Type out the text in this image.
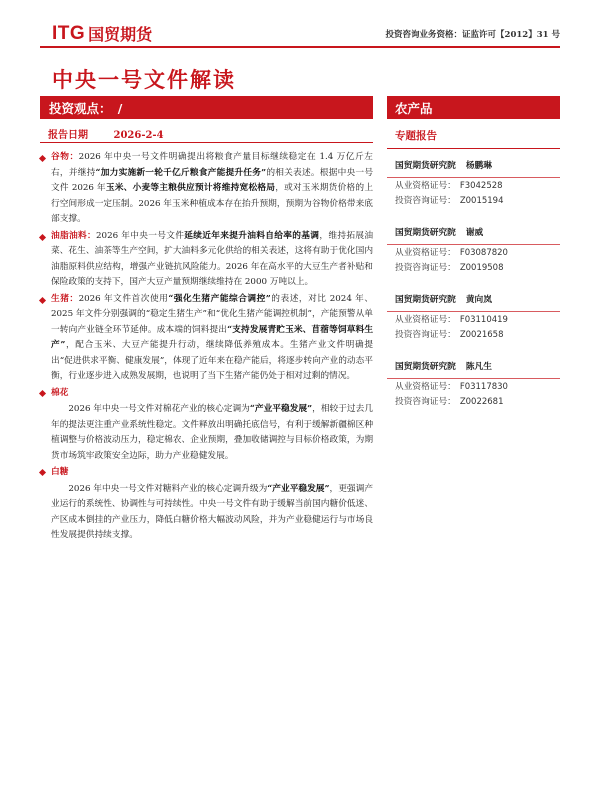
ITG 国贸期货	投资咨询业务资格：证监许可【2012】31 号
中央一号文件解读
投资观点：　/	农产品
报告日期	2026-2-4
谷物：2026 年中央一号文件明确提出将粮食产量目标继续稳定在 1.4 万亿斤左右，并继持“加力实施新一轮千亿斤粮食产能提升任务”的相关表述。根据中央一号文件 2026 年玉米、小麦等主粮供应预计将维持宽松格局，或对玉米期货价格的上行空间形成一定压制。2026 年玉米种植成本存在抬升预期，预期为谷物价格带来底部支撑。
油脂油料：2026 年中央一号文件延续近年来提升油料自给率的基调，维持拓展油菜、花生、油茶等生产空间，扩大油料多元化供给的相关表述，这将有助于优化国内油脂原料供应结构，增强产业链抗风险能力。2026 年在高水平的大豆生产者补贴和保险政策的支持下，国产大豆产量预期继续维持在 2000 万吨以上。
生猪：2026 年文件首次使用“强化生猪产能综合调控”的表述，对比 2024 年、2025 年文件分别强调的“稳定生猪生产”和“优化生猪产能调控机制”，产能预警从单一转向产业链全环节延伸。成本端的饲料提出“支持发展青贮玉米、苜蓿等饲草料生产”，配合玉米、大豆产能提升行动，继续降低养殖成本。生猪产业文件明确提出“促进供求平衡、健康发展”，体现了近年来在稳产能后，将逐步转向产业的动态平衡，行业逐步进入成熟发展期，也说明了当下生猪产能仍处于相对过剩的情况。
棉花
2026 年中央一号文件对棉花产业的核心定调为“产业平稳发展”，相较于过去几年的提法更注重产业系统性稳定。文件释放出明确托底信号，有利于缓解新疆棉区种植调整与价格波动压力，稳定棉农、企业预期，叠加收储调控与目标价格政策，为期货市场筑牢政策安全边际，助力产业稳健发展。
白糖
2026 年中央一号文件对糖料产业的核心定调升级为“产业平稳发展”，更强调产业运行的系统性、协调性与可持续性。中央一号文件有助于缓解当前国内糖价低迷、产区成本倒挂的产业压力，降低白糖价格大幅波动风险，并为产业稳健运行与市场良性发展提供持续支撑。
专题报告
国贸期货研究院 杨鹏琳
从业资格证号： F3042528
投资咨询证号： Z0015194
国贸期货研究院 谢威
从业资格证号： F03087820
投资咨询证号： Z0019508
国贸期货研究院 黄向岚
从业资格证号： F03110419
投资咨询证号： Z0021658
国贸期货研究院 陈凡生
从业资格证号： F03117830
投资咨询证号： Z0022681
